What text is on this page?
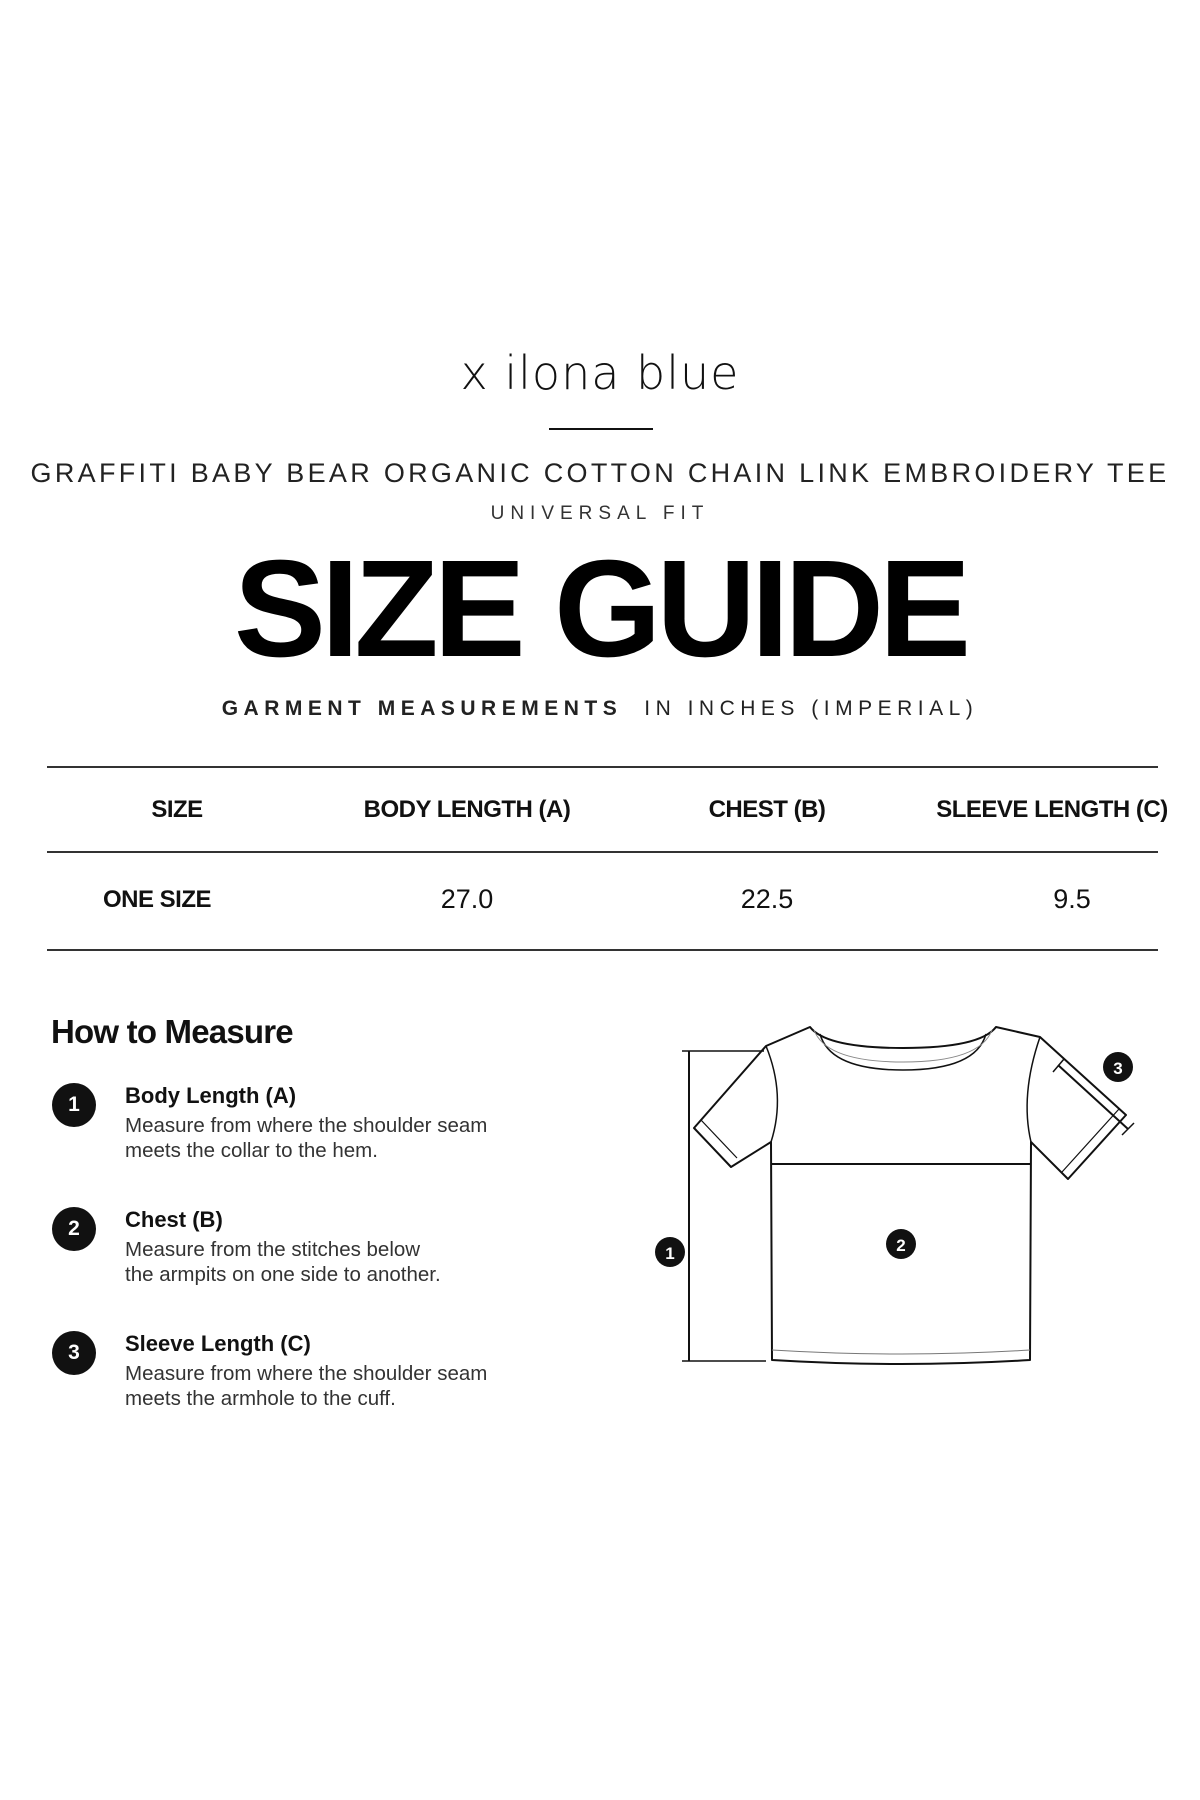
x ilona blue
GRAFFITI BABY BEAR ORGANIC COTTON CHAIN LINK EMBROIDERY TEE
UNIVERSAL FIT
SIZE GUIDE
GARMENT MEASUREMENTS IN INCHES (IMPERIAL)
SIZE	BODY LENGTH (A)	CHEST (B)	SLEEVE LENGTH (C)
ONE SIZE	27.0	22.5	9.5
How to Measure
1	Body Length (A)
Measure from where the shoulder seam
meets the collar to the hem.
2	Chest (B)
Measure from the stitches below
the armpits on one side to another.
3	Sleeve Length (C)
Measure from where the shoulder seam
meets the armhole to the cuff.
1	2
3
